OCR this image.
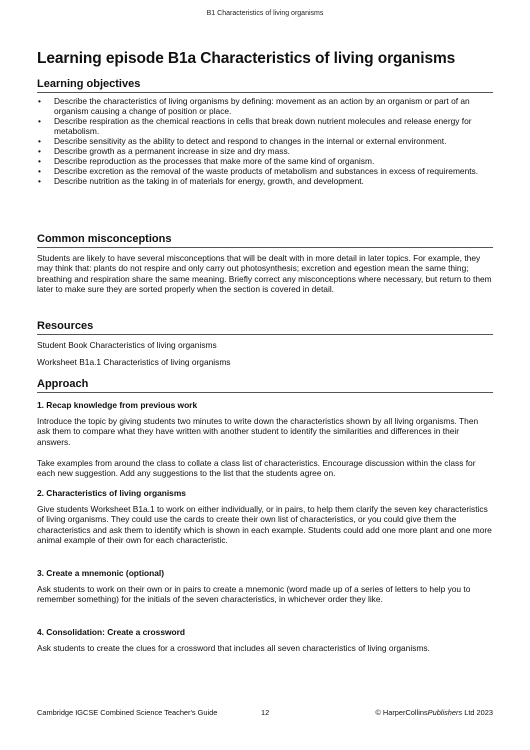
B1 Characteristics of living organisms
Learning episode B1a Characteristics of living organisms
Learning objectives
• Describe the characteristics of living organisms by defining: movement as an action by an organism or part of an organism causing a change of position or place.
• Describe respiration as the chemical reactions in cells that break down nutrient molecules and release energy for metabolism.
• Describe sensitivity as the ability to detect and respond to changes in the internal or external environment.
• Describe growth as a permanent increase in size and dry mass.
• Describe reproduction as the processes that make more of the same kind of organism.
• Describe excretion as the removal of the waste products of metabolism and substances in excess of requirements.
• Describe nutrition as the taking in of materials for energy, growth, and development.
Common misconceptions

Students are likely to have several misconceptions that will be dealt with in more detail in later topics. For example, they may think that: plants do not respire and only carry out photosynthesis; excretion and egestion mean the same thing; breathing and respiration share the same meaning. Briefly correct any misconceptions where necessary, but return to them later to make sure they are sorted properly when the section is covered in detail.

Resources

Student Book Characteristics of living organisms

Worksheet B1a.1 Characteristics of living organisms

Approach
1. Recap knowledge from previous work

Introduce the topic by giving students two minutes to write down the characteristics shown by all living organisms. Then ask them to compare what they have written with another student to identify the similarities and differences in their answers.

Take examples from around the class to collate a class list of characteristics. Encourage discussion within the class for each new suggestion. Add any suggestions to the list that the students agree on.

2. Characteristics of living organisms

Give students Worksheet B1a.1 to work on either individually, or in pairs, to help them clarify the seven key characteristics of living organisms. They could use the cards to create their own list of characteristics, or you could give them the characteristics and ask them to identify which is shown in each example. Students could add one more plant and one more animal example of their own for each characteristic.

3. Create a mnemonic (optional)

Ask students to work on their own or in pairs to create a mnemonic (word made up of a series of letters to help you to remember something) for the initials of the seven characteristics, in whichever order they like.

4. Consolidation: Create a crossword

Ask students to create the clues for a crossword that includes all seven characteristics of living organisms.

Cambridge IGCSE Combined Science Teacher's Guide	12	© HarperCollinsPublishers Ltd 2023
